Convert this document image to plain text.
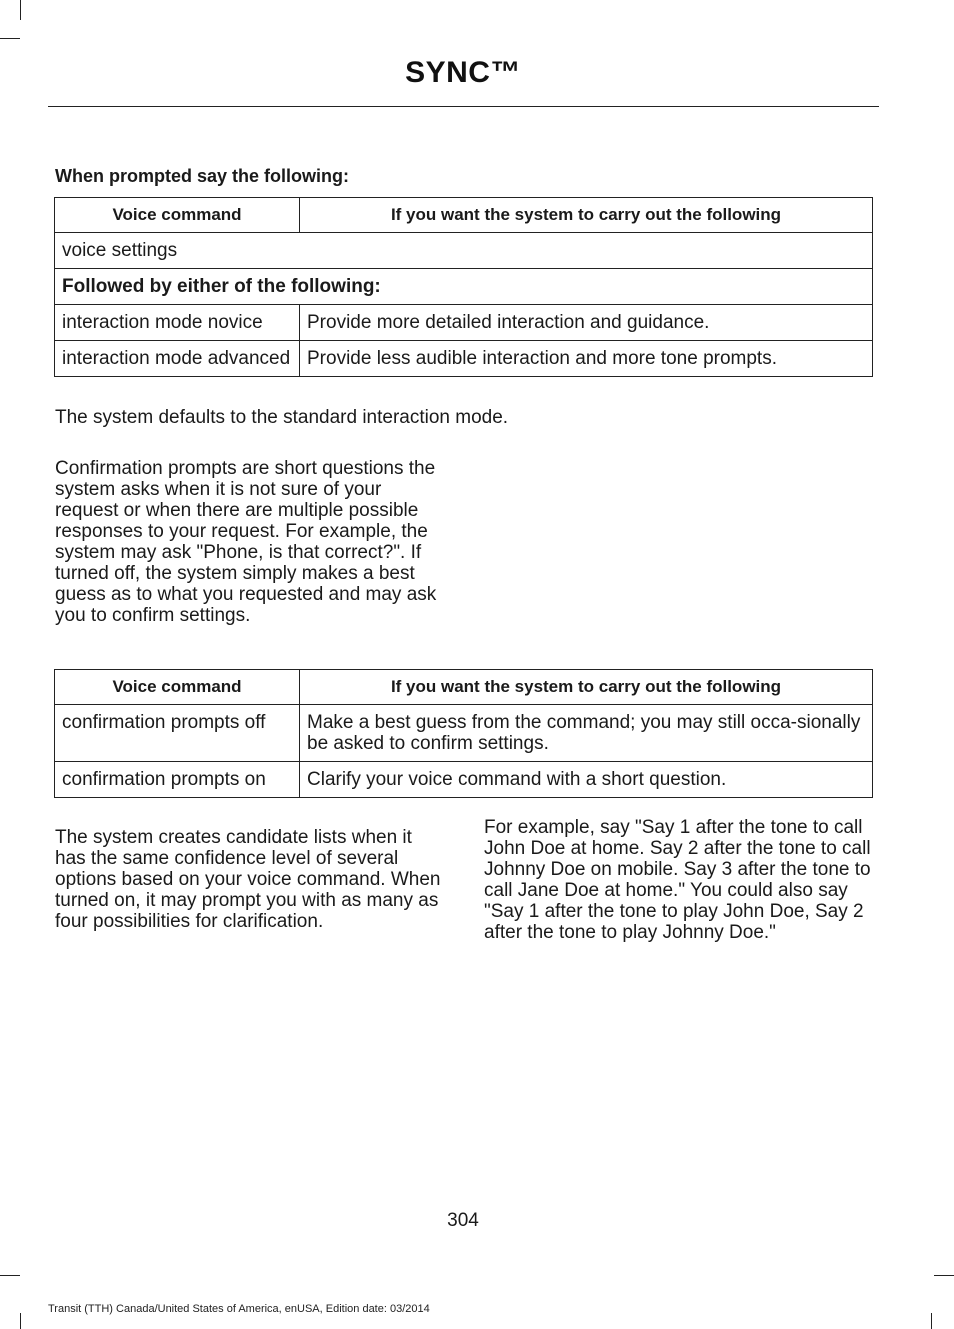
SYNC™

When prompted say the following:

Voice command	If you want the system to carry out the following
voice settings	
Followed by either of the following:	
interaction mode novice	Provide more detailed interaction and guidance.
interaction mode advanced	Provide less audible interaction and more tone prompts.

The system defaults to the standard interaction mode.

Confirmation prompts are short questions the system asks when it is not sure of your request or when there are multiple possible responses to your request. For example, the system may ask "Phone, is that correct?". If turned off, the system simply makes a best guess as to what you requested and may ask you to confirm settings.

Voice command	If you want the system to carry out the following
confirmation prompts off	Make a best guess from the command; you may still occa-sionally be asked to confirm settings.
confirmation prompts on	Clarify your voice command with a short question.

The system creates candidate lists when it has the same confidence level of several options based on your voice command. When turned on, it may prompt you with as many as four possibilities for clarification.

For example, say "Say 1 after the tone to call John Doe at home. Say 2 after the tone to call Johnny Doe on mobile. Say 3 after the tone to call Jane Doe at home." You could also say "Say 1 after the tone to play John Doe, Say 2 after the tone to play Johnny Doe."

304
Transit (TTH) Canada/United States of America, enUSA, Edition date: 03/2014
